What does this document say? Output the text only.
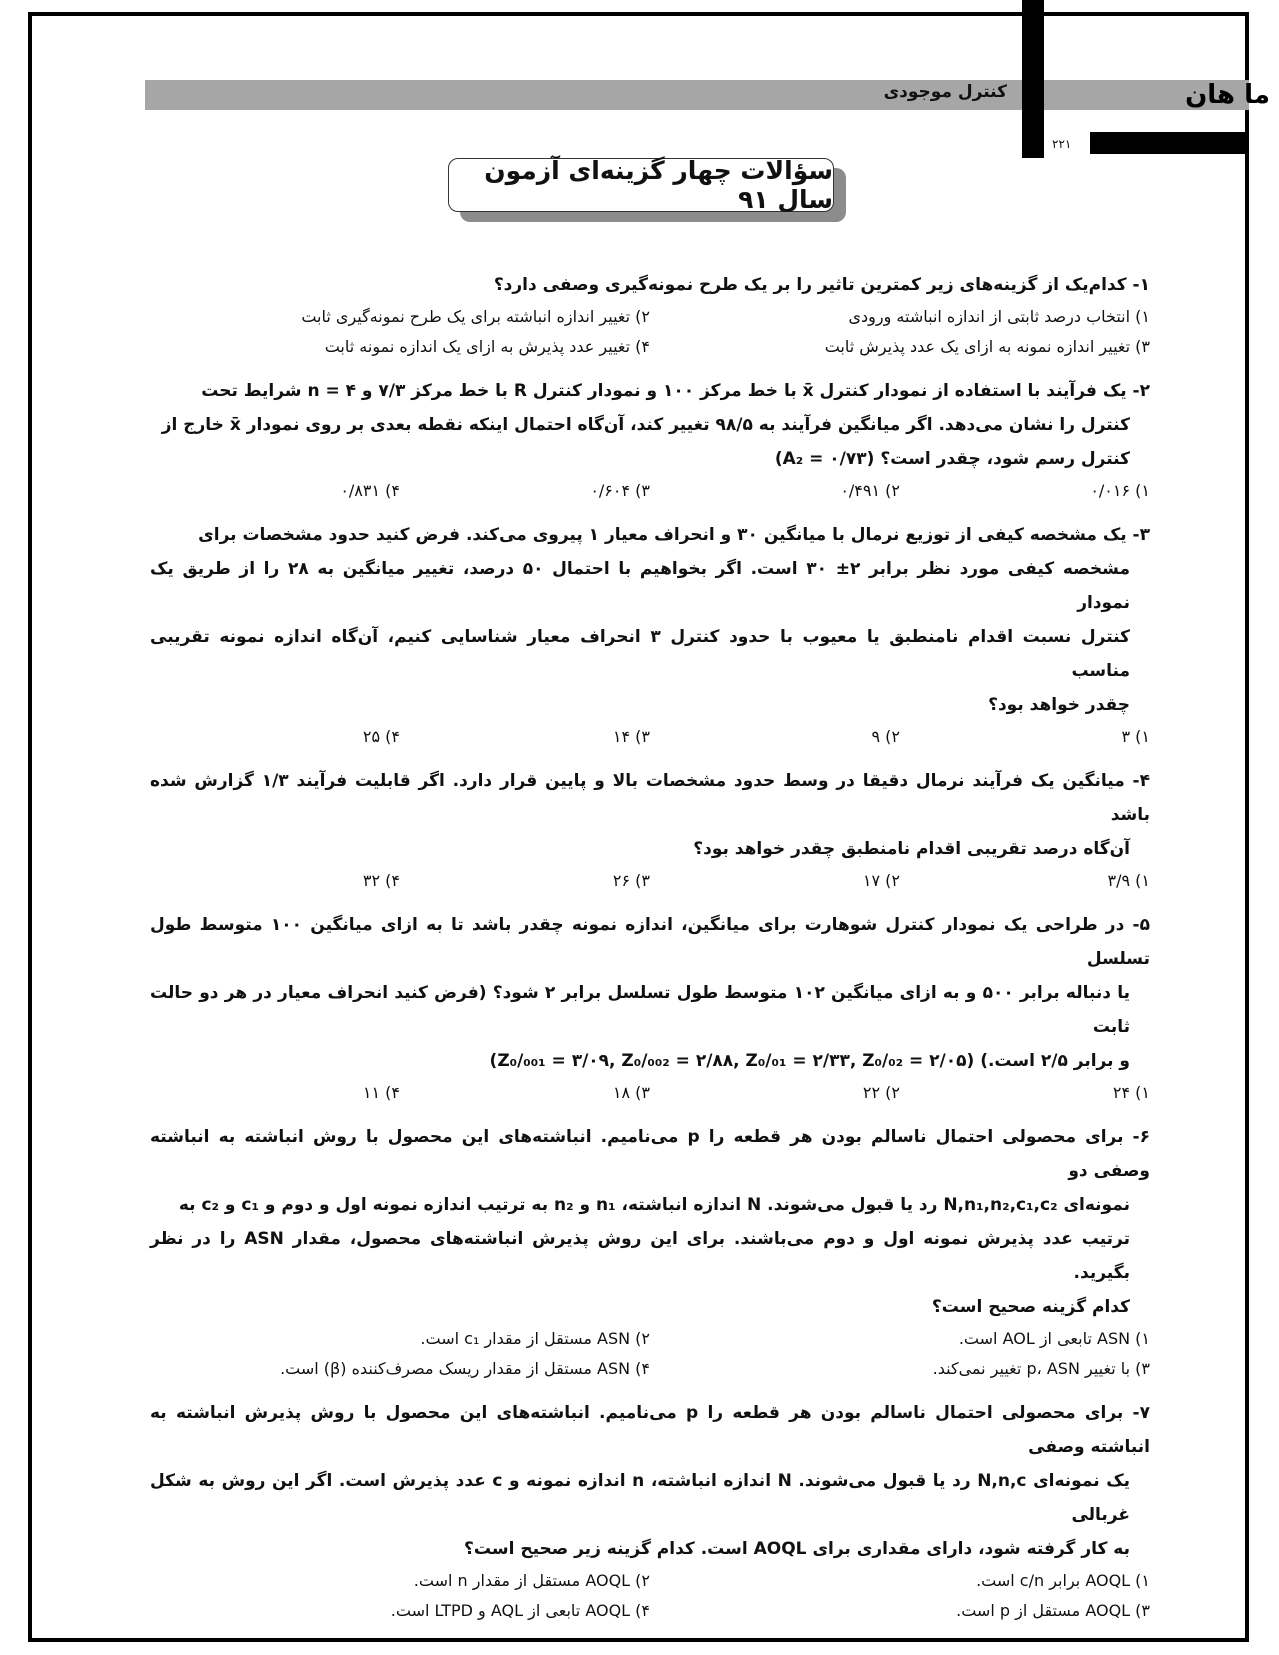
کنترل موجودی
۲۲۱
ما هان
سؤالات چهار گزینه‌ای آزمون سال ۹۱
۱- کدام‌یک از گزینه‌های زیر کمترین تاثیر را بر یک طرح نمونه‌گیری وصفی دارد؟
۱) انتخاب درصد ثابتی از اندازه انباشته ورودی
۲) تغییر اندازه انباشته برای یک طرح نمونه‌گیری ثابت
۳) تغییر اندازه نمونه به ازای یک عدد پذیرش ثابت
۴) تغییر عدد پذیرش به ازای یک اندازه نمونه ثابت
۲- یک فرآیند با استفاده از نمودار کنترل x̄ با خط مرکز ۱۰۰ و نمودار کنترل R با خط مرکز ۷/۳ و n = ۴ شرایط تحت
کنترل را نشان می‌دهد. اگر میانگین فرآیند به ۹۸/۵ تغییر کند، آن‌گاه احتمال اینکه نقطه بعدی بر روی نمودار x̄ خارج از
کنترل رسم شود، چقدر است؟ (A₂ = ۰/۷۳)
۱) ۰/۰۱۶
۲) ۰/۴۹۱
۳) ۰/۶۰۴
۴) ۰/۸۳۱
۳- یک مشخصه کیفی از توزیع نرمال با میانگین ۳۰ و انحراف معیار ۱ پیروی می‌کند. فرض کنید حدود مشخصات برای
مشخصه کیفی مورد نظر برابر ۲± ۳۰ است. اگر بخواهیم با احتمال ۵۰ درصد، تغییر میانگین به ۲۸ را از طریق یک نمودار
کنترل نسبت اقدام نامنطبق یا معیوب با حدود کنترل ۳ انحراف معیار شناسایی کنیم، آن‌گاه اندازه نمونه تقریبی مناسب
چقدر خواهد بود؟
۱) ۳
۲) ۹
۳) ۱۴
۴) ۲۵
۴- میانگین یک فرآیند نرمال دقیقا در وسط حدود مشخصات بالا و پایین قرار دارد. اگر قابلیت فرآیند ۱/۳ گزارش شده باشد
آن‌گاه درصد تقریبی اقدام نامنطبق چقدر خواهد بود؟
۱) ۳/۹
۲) ۱۷
۳) ۲۶
۴) ۳۲
۵- در طراحی یک نمودار کنترل شوهارت برای میانگین، اندازه نمونه چقدر باشد تا به ازای میانگین ۱۰۰ متوسط طول تسلسل
یا دنباله برابر ۵۰۰ و به ازای میانگین ۱۰۲ متوسط طول تسلسل برابر ۲ شود؟ (فرض کنید انحراف معیار در هر دو حالت ثابت
و برابر ۲/۵ است.) (Z₀/₀₀₁ = ۳/۰۹, Z₀/₀₀₂ = ۲/۸۸, Z₀/₀₁ = ۲/۳۳, Z₀/₀₂ = ۲/۰۵)
۱) ۲۴
۲) ۲۲
۳) ۱۸
۴) ۱۱
۶- برای محصولی احتمال ناسالم بودن هر قطعه را p می‌نامیم. انباشته‌های این محصول با روش انباشته به انباشته وصفی دو
نمونه‌ای N,n₁,n₂,c₁,c₂ رد یا قبول می‌شوند. N اندازه انباشته، n₁ و n₂ به ترتیب اندازه نمونه اول و دوم و c₁ و c₂ به
ترتیب عدد پذیرش نمونه اول و دوم می‌باشند. برای این روش پذیرش انباشته‌های محصول، مقدار ASN را در نظر بگیرید.
کدام گزینه صحیح است؟
۱) ASN تابعی از AOL است.
۲) ASN مستقل از مقدار c₁ است.
۳) با تغییر p، ASN تغییر نمی‌کند.
۴) ASN مستقل از مقدار ریسک مصرف‌کننده (β) است.
۷- برای محصولی احتمال ناسالم بودن هر قطعه را p می‌نامیم. انباشته‌های این محصول با روش پذیرش انباشته به انباشته وصفی
یک نمونه‌ای N,n,c رد یا قبول می‌شوند. N اندازه انباشته، n اندازه نمونه و c عدد پذیرش است. اگر این روش به شکل غربالی
به کار گرفته شود، دارای مقداری برای AOQL است. کدام گزینه زیر صحیح است؟
۱) AOQL برابر c/n است.
۲) AOQL مستقل از مقدار n است.
۳) AOQL مستقل از p است.
۴) AOQL تابعی از AQL و LTPD است.
